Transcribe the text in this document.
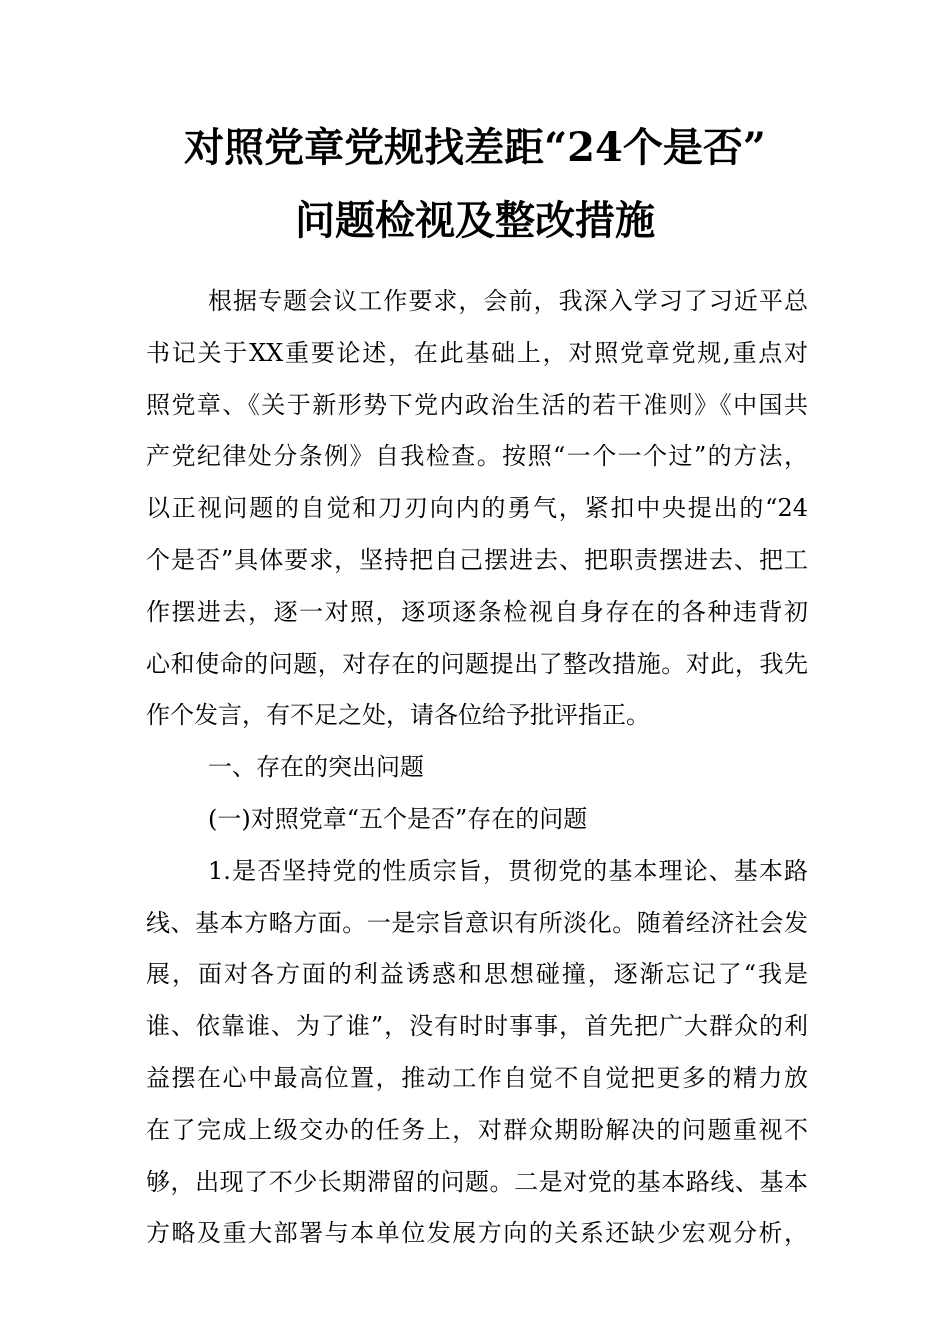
对照党章党规找差距“24个是否”
问题检视及整改措施
根据专题会议工作要求，会前，我深入学习了习近平总
书记关于XX重要论述，在此基础上，对照党章党规,重点对
照党章、《关于新形势下党内政治生活的若干准则》《中国共
产党纪律处分条例》自我检查。按照“一个一个过”的方法，
以正视问题的自觉和刀刃向内的勇气，紧扣中央提出的“24
个是否”具体要求，坚持把自己摆进去、把职责摆进去、把工
作摆进去，逐一对照，逐项逐条检视自身存在的各种违背初
心和使命的问题，对存在的问题提出了整改措施。对此，我先
作个发言，有不足之处，请各位给予批评指正。
一、存在的突出问题
(一)对照党章“五个是否”存在的问题
1.是否坚持党的性质宗旨，贯彻党的基本理论、基本路
线、基本方略方面。一是宗旨意识有所淡化。随着经济社会发
展，面对各方面的利益诱惑和思想碰撞，逐渐忘记了“我是
谁、依靠谁、为了谁”，没有时时事事，首先把广大群众的利
益摆在心中最高位置，推动工作自觉不自觉把更多的精力放
在了完成上级交办的任务上，对群众期盼解决的问题重视不
够，出现了不少长期滞留的问题。二是对党的基本路线、基本
方略及重大部署与本单位发展方向的关系还缺少宏观分析，
